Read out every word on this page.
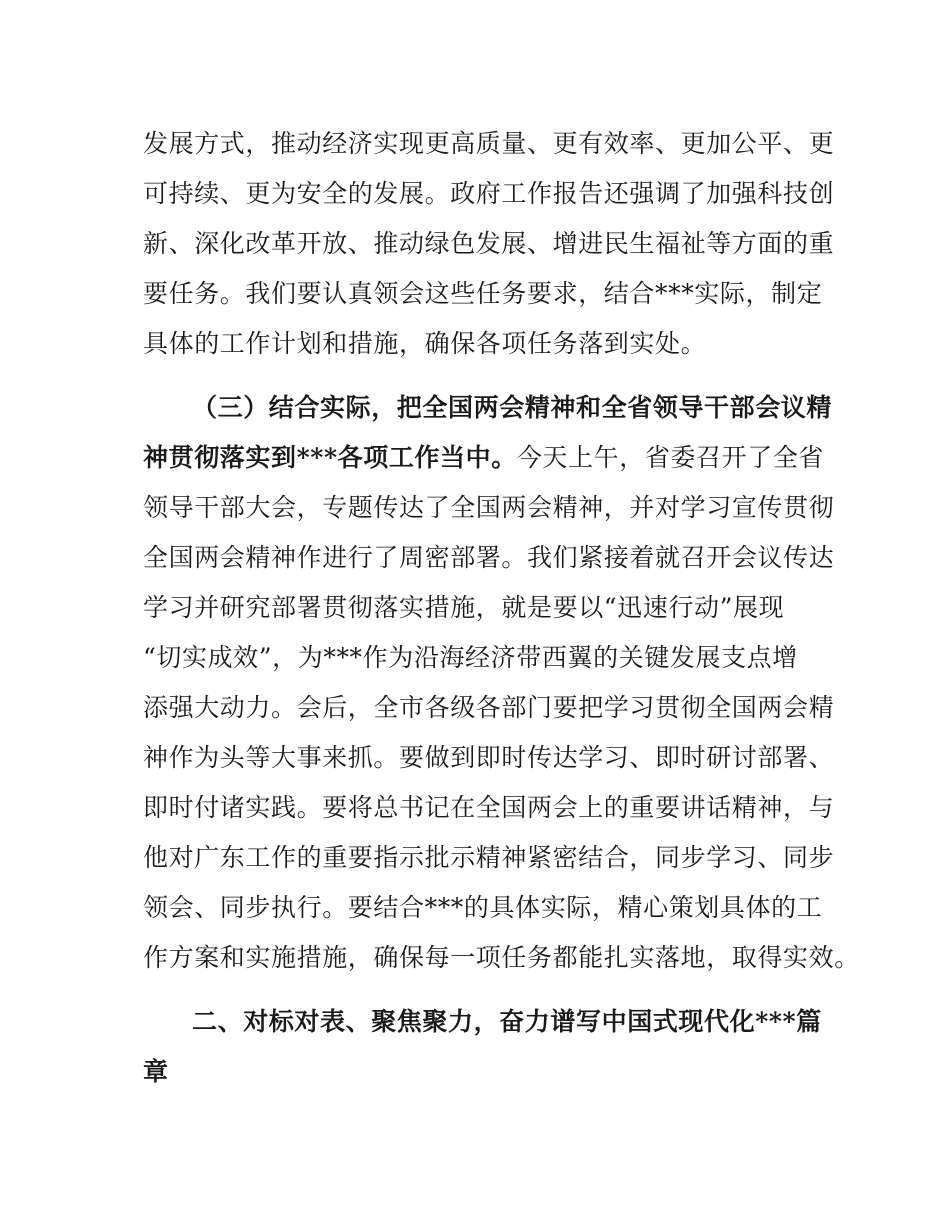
发展方式，推动经济实现更高质量、更有效率、更加公平、更
可持续、更为安全的发展。政府工作报告还强调了加强科技创
新、深化改革开放、推动绿色发展、增进民生福祉等方面的重
要任务。我们要认真领会这些任务要求，结合***实际，制定
具体的工作计划和措施，确保各项任务落到实处。
（三）结合实际，把全国两会精神和全省领导干部会议精
神贯彻落实到***各项工作当中。今天上午，省委召开了全省
领导干部大会，专题传达了全国两会精神，并对学习宣传贯彻
全国两会精神作进行了周密部署。我们紧接着就召开会议传达
学习并研究部署贯彻落实措施，就是要以“迅速行动”展现
“切实成效”，为***作为沿海经济带西翼的关键发展支点增
添强大动力。会后，全市各级各部门要把学习贯彻全国两会精
神作为头等大事来抓。要做到即时传达学习、即时研讨部署、
即时付诸实践。要将总书记在全国两会上的重要讲话精神，与
他对广东工作的重要指示批示精神紧密结合，同步学习、同步
领会、同步执行。要结合***的具体实际，精心策划具体的工
作方案和实施措施，确保每一项任务都能扎实落地，取得实效。
二、对标对表、聚焦聚力，奋力谱写中国式现代化***篇
章
